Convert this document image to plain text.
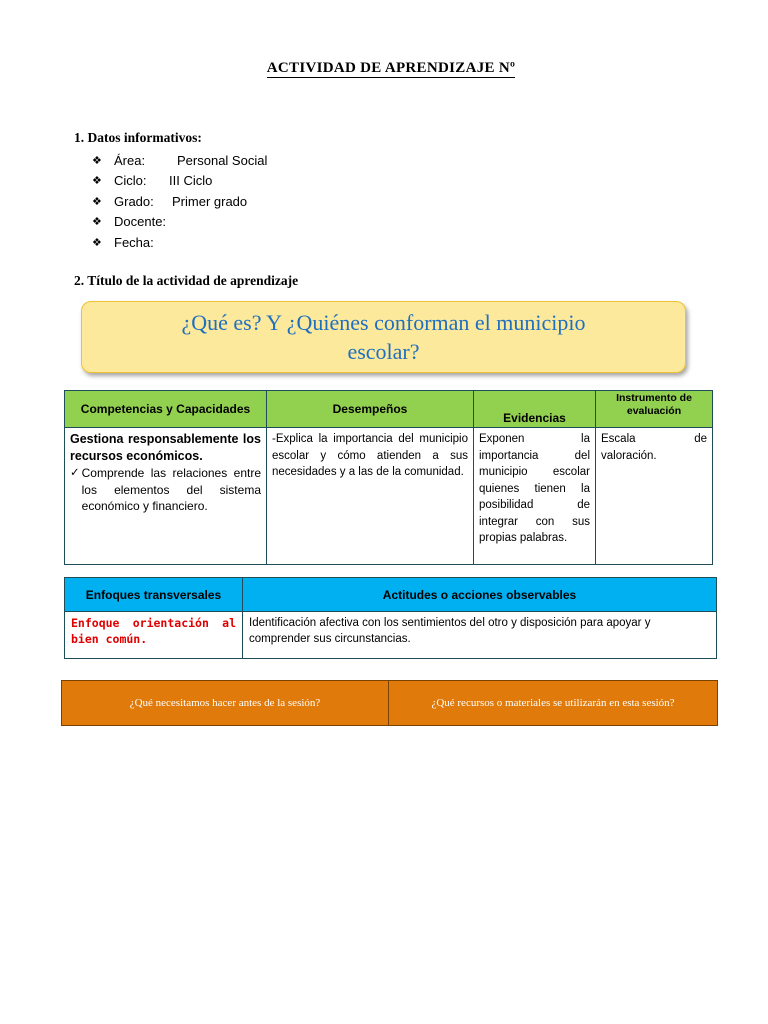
ACTIVIDAD DE APRENDIZAJE Nº
1. Datos informativos:
❖ Área:	Personal Social
❖ Ciclo:	III Ciclo
❖ Grado:	Primer grado
❖ Docente:
❖ Fecha:
2. Título de la actividad de aprendizaje
¿Qué es? Y ¿Quiénes conforman el municipio
escolar?
Competencias y Capacidades	Desempeños	Evidencias	Instrumento de evaluación

Gestiona responsablemente los recursos económicos.
✓ Comprende las relaciones entre los elementos del sistema económico y financiero.	-Explica la importancia del municipio escolar y cómo atienden a sus necesidades y a las de la comunidad.	Exponen la importancia del municipio escolar quienes tienen la posibilidad de integrar con sus propias palabras.	Escala de valoración.
Enfoques transversales	Actitudes o acciones observables
Enfoque orientación al bien común.	Identificación afectiva con los sentimientos del otro y disposición para apoyar y comprender sus circunstancias.
¿Qué necesitamos hacer antes de la sesión?	¿Qué recursos o materiales se utilizarán en esta sesión?
